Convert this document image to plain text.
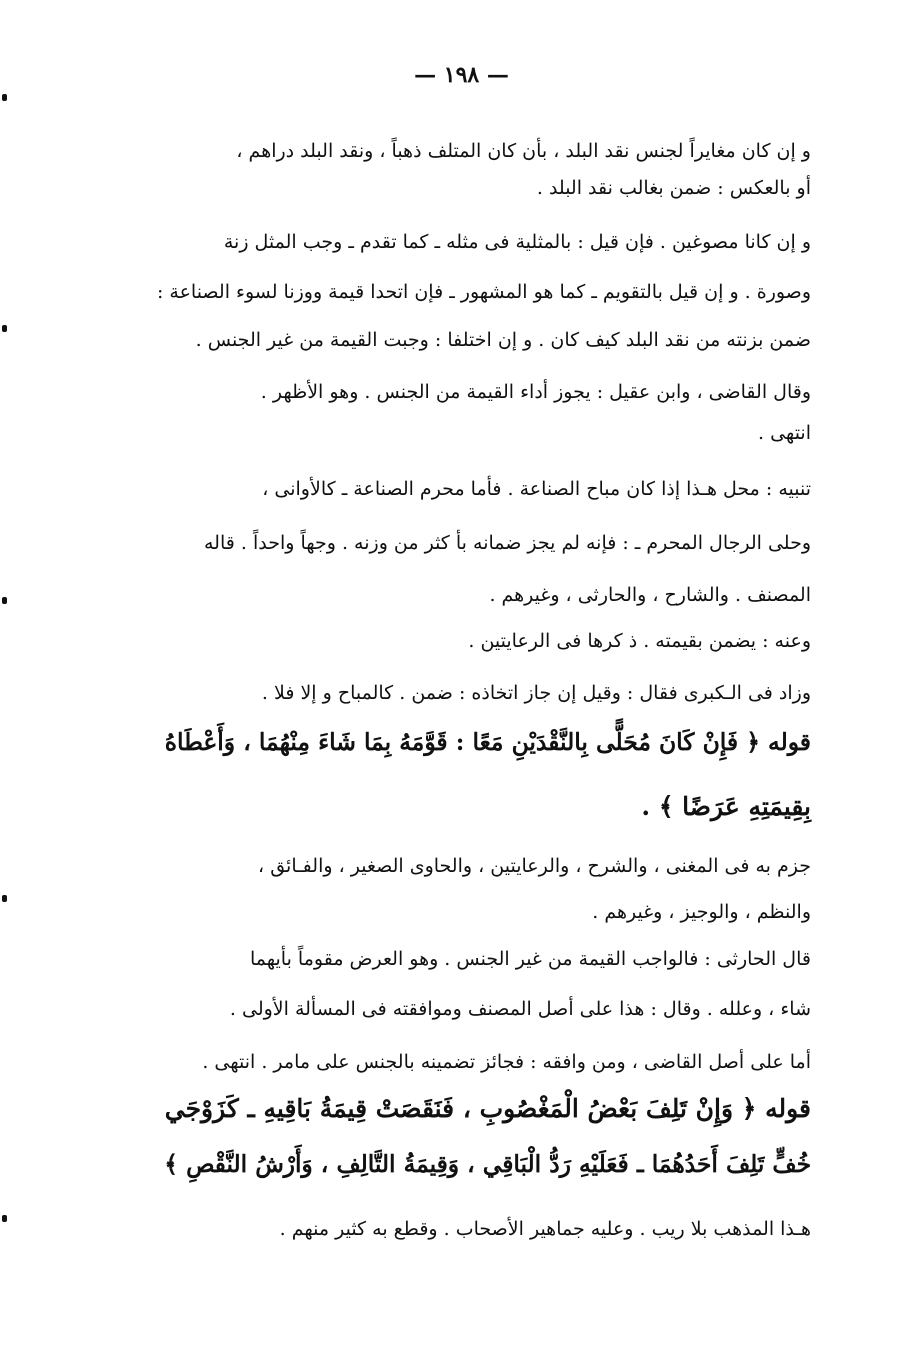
— ١٩٨ —
و إن كان مغايراً لجنس نقد البلد ، بأن كان المتلف ذهباً ، ونقد البلد دراهم ،
أو بالعكس : ضمن بغالب نقد البلد .
و إن كانا مصوغين . فإن قيل : بالمثلية فى مثله ـ كما تقدم ـ وجب المثل زنة
وصورة . و إن قيل بالتقويم ـ كما هو المشهور ـ فإن اتحدا قيمة ووزنا لسوء الصناعة :
ضمن بزنته من نقد البلد كيف كان . و إن اختلفا : وجبت القيمة من غير الجنس .
وقال القاضى ، وابن عقيل : يجوز أداء القيمة من الجنس . وهو الأظهر .
انتهى .
تنبيه : محل هـذا إذا كان مباح الصناعة . فأما محرم الصناعة ـ كالأوانى ،
وحلى الرجال المحرم ـ : فإنه لم يجز ضمانه بأ كثر من وزنه . وجهاً واحداً . قاله
المصنف . والشارح ، والحارثى ، وغيرهم .
وعنه : يضمن بقيمته . ذ كرها فى الرعايتين .
وزاد فى الـكبرى فقال : وقيل إن جاز اتخاذه : ضمن . كالمباح و إلا فلا .
قوله ﴿ فَإِنْ كَانَ مُحَلًّى بِالنَّقْدَيْنِ مَعًا : قَوَّمَهُ بِمَا شَاءَ مِنْهُمَا ، وَأَعْطَاهُ
بِقِيمَتِهِ عَرَضًا ﴾ .
جزم به فى المغنى ، والشرح ، والرعايتين ، والحاوى الصغير ، والفـائق ،
والنظم ، والوجيز ، وغيرهم .
قال الحارثى : فالواجب القيمة من غير الجنس . وهو العرض مقوماً بأيهما
شاء ، وعلله . وقال : هذا على أصل المصنف وموافقته فى المسألة الأولى .
أما على أصل القاضى ، ومن وافقه : فجائز تضمينه بالجنس على مامر . انتهى .
قوله ﴿ وَإِنْ تَلِفَ بَعْضُ الْمَغْصُوبِ ، فَنَقَصَتْ قِيمَةُ بَاقِيهِ ـ كَزَوْجَي
خُفٍّ تَلِفَ أَحَدُهُمَا ـ فَعَلَيْهِ رَدُّ الْبَاقِي ، وَقِيمَةُ التَّالِفِ ، وَأَرْشُ النَّقْصِ ﴾
هـذا المذهب بلا ريب . وعليه جماهير الأصحاب . وقطع به كثير منهم .
